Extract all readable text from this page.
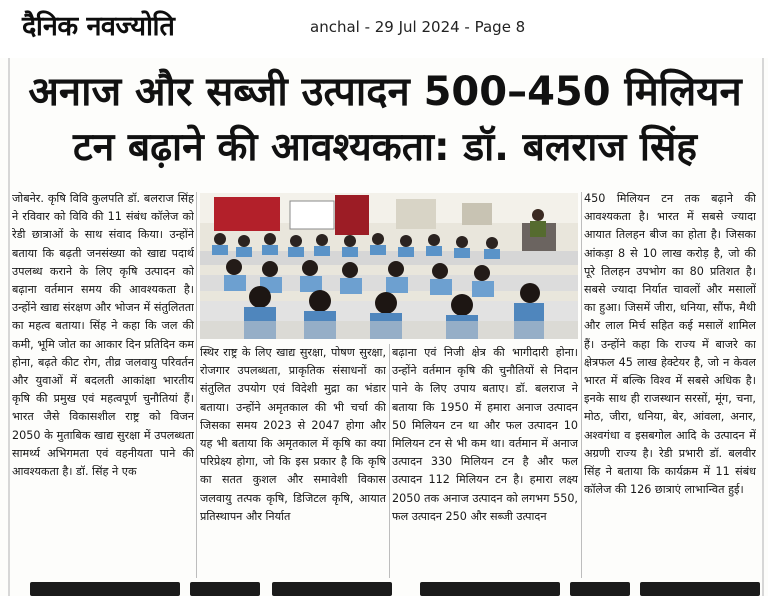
दैनिक नवज्योति	anchal - 29 Jul 2024 - Page 8
अनाज और सब्जी उत्पादन 500–450 मिलियन
टन बढ़ाने की आवश्यकता: डॉ. बलराज सिंह

जोबनेर. कृषि विवि कुलपति डॉ. बलराज सिंह ने रविवार को विवि की 11 संबंध कॉलेज को रेडी छात्राओं के साथ संवाद किया। उन्होंने बताया कि बढ़ती जनसंख्या को खाद्य पदार्थ उपलब्ध कराने के लिए कृषि उत्पादन को बढ़ाना वर्तमान समय की आवश्यकता है। उन्होंने खाद्य संरक्षण और भोजन में संतुलितता का महत्व बताया। सिंह ने कहा कि जल की कमी, भूमि जोत का आकार दिन प्रतिदिन कम होना, बढ़ते कीट रोग, तीव्र जलवायु परिवर्तन और युवाओं में बदलती आकांक्षा भारतीय कृषि की प्रमुख एवं महत्वपूर्ण चुनौतियां हैं। भारत जैसे विकासशील राष्ट्र को विजन 2050 के मुताबिक खाद्य सुरक्षा में उपलब्धता सामर्थ्य अभिगमता एवं वहनीयता पाने की आवश्यकता है। डॉ. सिंह ने एक

स्थिर राष्ट्र के लिए खाद्य सुरक्षा, पोषण सुरक्षा, रोजगार उपलब्धता, प्राकृतिक संसाधनों का संतुलित उपयोग एवं विदेशी मुद्रा का भंडार बताया। उन्होंने अमृतकाल की भी चर्चा की जिसका समय 2023 से 2047 होगा और यह भी बताया कि अमृतकाल में कृषि का क्या परिप्रेक्ष्य होगा, जो कि इस प्रकार है कि कृषि का सतत कुशल और समावेशी विकास जलवायु तत्पक कृषि, डिजिटल कृषि, आयात प्रतिस्थापन और निर्यात

बढ़ाना एवं निजी क्षेत्र की भागीदारी होना। उन्होंने वर्तमान कृषि की चुनौतियों से निदान पाने के लिए उपाय बताए। डॉ. बलराज ने बताया कि 1950 में हमारा अनाज उत्पादन 50 मिलियन टन था और फल उत्पादन 10 मिलियन टन से भी कम था। वर्तमान में अनाज उत्पादन 330 मिलियन टन है और फल उत्पादन 112 मिलियन टन है। हमारा लक्ष्य 2050 तक अनाज उत्पादन को लगभग 550, फल उत्पादन 250 और सब्जी उत्पादन

450 मिलियन टन तक बढ़ाने की आवश्यकता है। भारत में सबसे ज्यादा आयात तिलहन बीज का होता है। जिसका आंकड़ा 8 से 10 लाख करोड़ है, जो की पूरे तिलहन उपभोग का 80 प्रतिशत है। सबसे ज्यादा निर्यात चावलों और मसालों का हुआ। जिसमें जीरा, धनिया, सौंफ, मैथी और लाल मिर्च सहित कई मसालें शामिल हैं। उन्होंने कहा कि राज्य में बाजरे का क्षेत्रफल 45 लाख हेक्टेयर है, जो न केवल भारत में बल्कि विश्व में सबसे अधिक है। इनके साथ ही राजस्थान सरसों, मूंग, चना, मोठ, जीरा, धनिया, बेर, आंवला, अनार, अश्वगंधा व इसबगोल आदि के उत्पादन में अग्रणी राज्य है। रेडी प्रभारी डॉ. बलवीर सिंह ने बताया कि कार्यक्रम में 11 संबंध कॉलेज की 126 छात्राएं लाभान्वित हुई।
